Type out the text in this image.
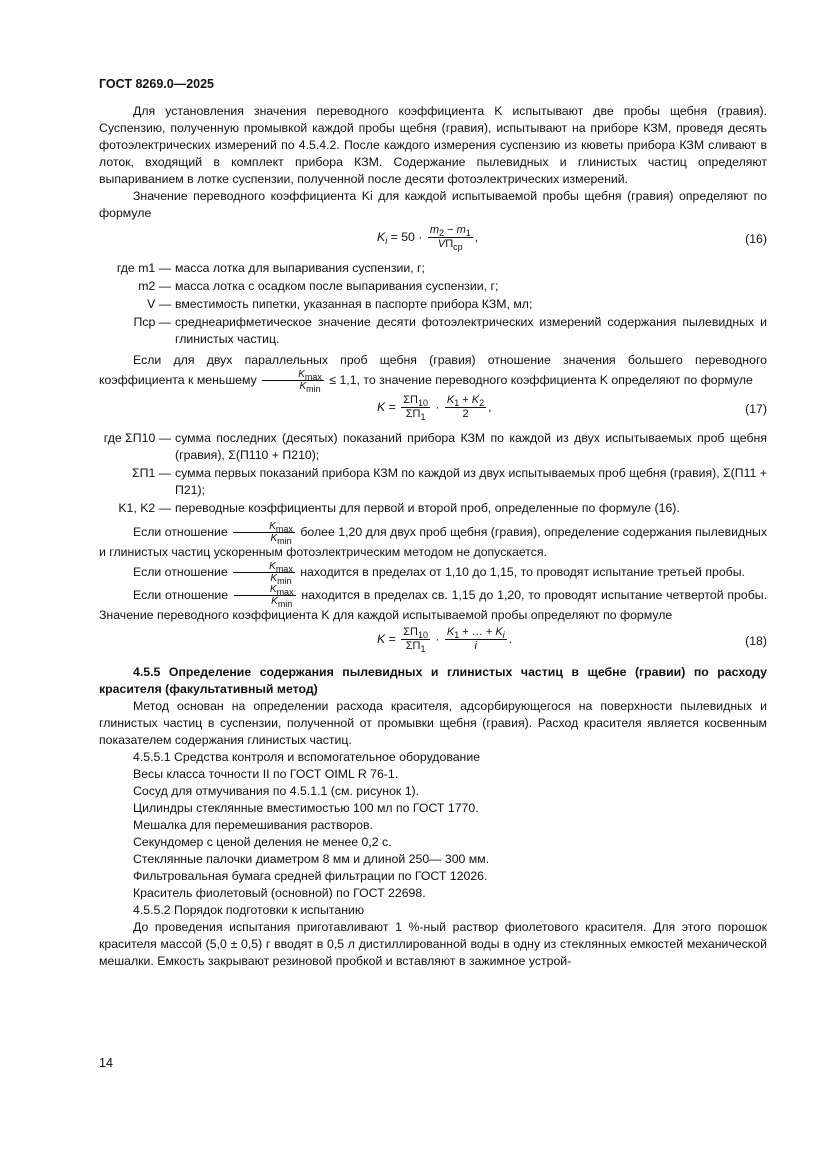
ГОСТ 8269.0—2025

Для установления значения переводного коэффициента K испытывают две пробы щебня (гравия). Суспензию, полученную промывкой каждой пробы щебня (гравия), испытывают на приборе КЗМ, проведя десять фотоэлектрических измерений по 4.5.4.2. После каждого измерения суспензию из кюветы прибора КЗМ сливают в лоток, входящий в комплект прибора КЗМ. Содержание пылевидных и глинистых частиц определяют выпариванием в лотке суспензии, полученной после десяти фотоэлектрических измерений.

Значение переводного коэффициента Ki для каждой испытываемой пробы щебня (гравия) определяют по формуле

$K_i = 50 \cdot \frac{m_2 - m_1}{VП_{ср}}$ ,	(16)
где m1 — масса лотка для выпаривания суспензии, г;
m2 — масса лотка с осадком после выпаривания суспензии, г;
V — вместимость пипетки, указанная в паспорте прибора КЗМ, мл;
Пср — среднеарифметическое значение десяти фотоэлектрических измерений содержания пылевидных и глинистых частиц.

Если для двух параллельных проб щебня (гравия) отношение значения большего переводного коэффициента к меньшему $\frac{K_{max}}{K_{min}} \le 1,1$, то значение переводного коэффициента K определяют по формуле

$K = \frac{\Sigma П_{10}}{\Sigma П_1} \cdot \frac{K_1 + K_2}{2}$ ,	(17)
где ΣП10 — сумма последних (десятых) показаний прибора КЗМ по каждой из двух испытываемых проб щебня (гравия), Σ(П110 + П210);
ΣП1 — сумма первых показаний прибора КЗМ по каждой из двух испытываемых проб щебня (гравия), Σ(П11 + П21);
K1, K2 — переводные коэффициенты для первой и второй проб, определенные по формуле (16).

Если отношение $\frac{K_{max}}{K_{min}}$ более 1,20 для двух проб щебня (гравия), определение содержания пылевидных и глинистых частиц ускоренным фотоэлектрическим методом не допускается.

Если отношение $\frac{K_{max}}{K_{min}}$ находится в пределах от 1,10 до 1,15, то проводят испытание третьей пробы.

Если отношение $\frac{K_{max}}{K_{min}}$ находится в пределах св. 1,15 до 1,20, то проводят испытание четвертой пробы. Значение переводного коэффициента K для каждой испытываемой пробы определяют по формуле

$K = \frac{\Sigma П_{10}}{\Sigma П_1} \cdot \frac{K_1 + \dots + K_i}{i}$ .	(18)

4.5.5 Определение содержания пылевидных и глинистых частиц в щебне (гравии) по расходу красителя (факультативный метод)

Метод основан на определении расхода красителя, адсорбирующегося на поверхности пылевидных и глинистых частиц в суспензии, полученной от промывки щебня (гравия). Расход красителя является косвенным показателем содержания глинистых частиц.

4.5.5.1 Средства контроля и вспомогательное оборудование

Весы класса точности II по ГОСТ OIML R 76-1.

Сосуд для отмучивания по 4.5.1.1 (см. рисунок 1).

Цилиндры стеклянные вместимостью 100 мл по ГОСТ 1770.

Мешалка для перемешивания растворов.

Секундомер с ценой деления не менее 0,2 с.

Стеклянные палочки диаметром 8 мм и длиной 250— 300 мм.

Фильтровальная бумага средней фильтрации по ГОСТ 12026.

Краситель фиолетовый (основной) по ГОСТ 22698.

4.5.5.2 Порядок подготовки к испытанию

До проведения испытания приготавливают 1 %-ный раствор фиолетового красителя. Для этого порошок красителя массой (5,0 ± 0,5) г вводят в 0,5 л дистиллированной воды в одну из стеклянных емкостей механической мешалки. Емкость закрывают резиновой пробкой и вставляют в зажимное устрой-

14
